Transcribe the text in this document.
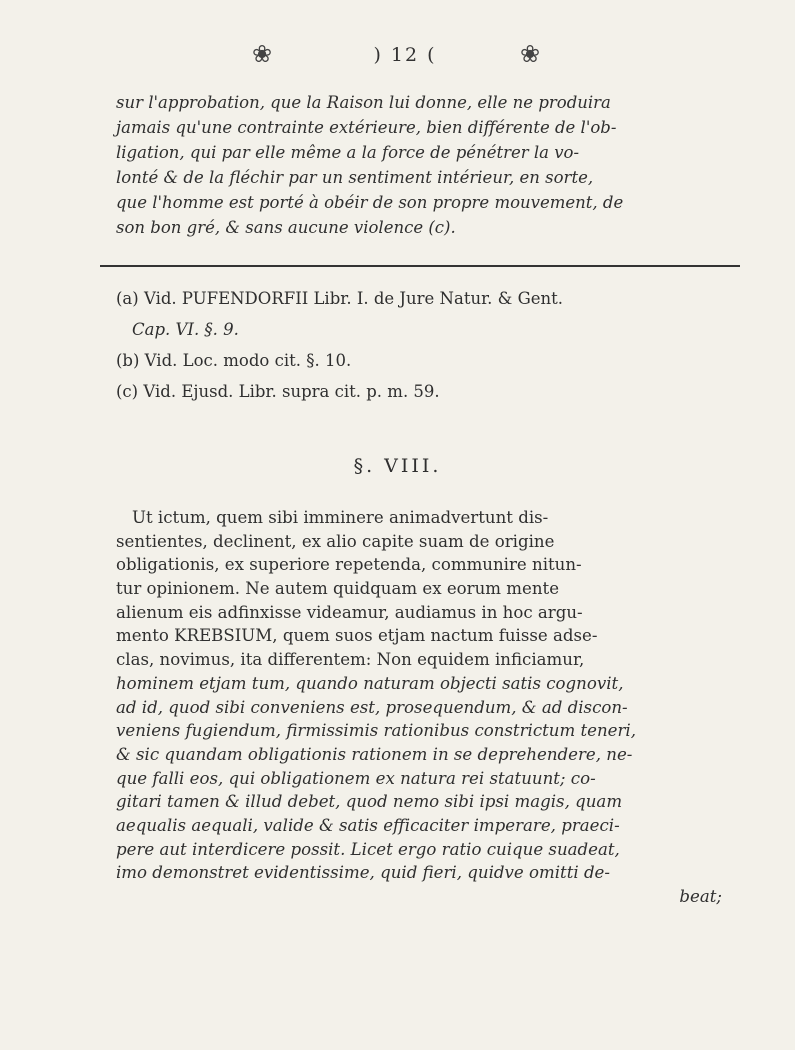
❀	) 12 (	❀
sur l'approbation, que la Raison lui donne, elle ne produira
jamais qu'une contrainte extérieure, bien différente de l'ob-
ligation, qui par elle même a la force de pénétrer la vo-
lonté & de la fléchir par un sentiment intérieur, en sorte,
que l'homme est porté à obéir de son propre mouvement, de
son bon gré, & sans aucune violence (c).
(a) Vid. PUFENDORFII Libr. I. de Jure Natur. & Gent.
Cap. VI. §. 9.
(b) Vid. Loc. modo cit. §. 10.
(c) Vid. Ejusd. Libr. supra cit. p. m. 59.
§. VIII.
Ut ictum, quem sibi imminere animadvertunt dis-
sentientes, declinent, ex alio capite suam de origine
obligationis, ex superiore repetenda, communire nitun-
tur opinionem. Ne autem quidquam ex eorum mente
alienum eis adfinxisse videamur, audiamus in hoc argu-
mento KREBSIUM, quem suos etjam nactum fuisse adse-
clas, novimus, ita differentem: Non equidem inficiamur,
hominem etjam tum, quando naturam objecti satis cognovit,
ad id, quod sibi conveniens est, prosequendum, & ad discon-
veniens fugiendum, firmissimis rationibus constrictum teneri,
& sic quandam obligationis rationem in se deprehendere, ne-
que falli eos, qui obligationem ex natura rei statuunt; co-
gitari tamen & illud debet, quod nemo sibi ipsi magis, quam
aequalis aequali, valide & satis efficaciter imperare, praeci-
pere aut interdicere possit. Licet ergo ratio cuique suadeat,
imo demonstret evidentissime, quid fieri, quidve omitti de-
beat;
